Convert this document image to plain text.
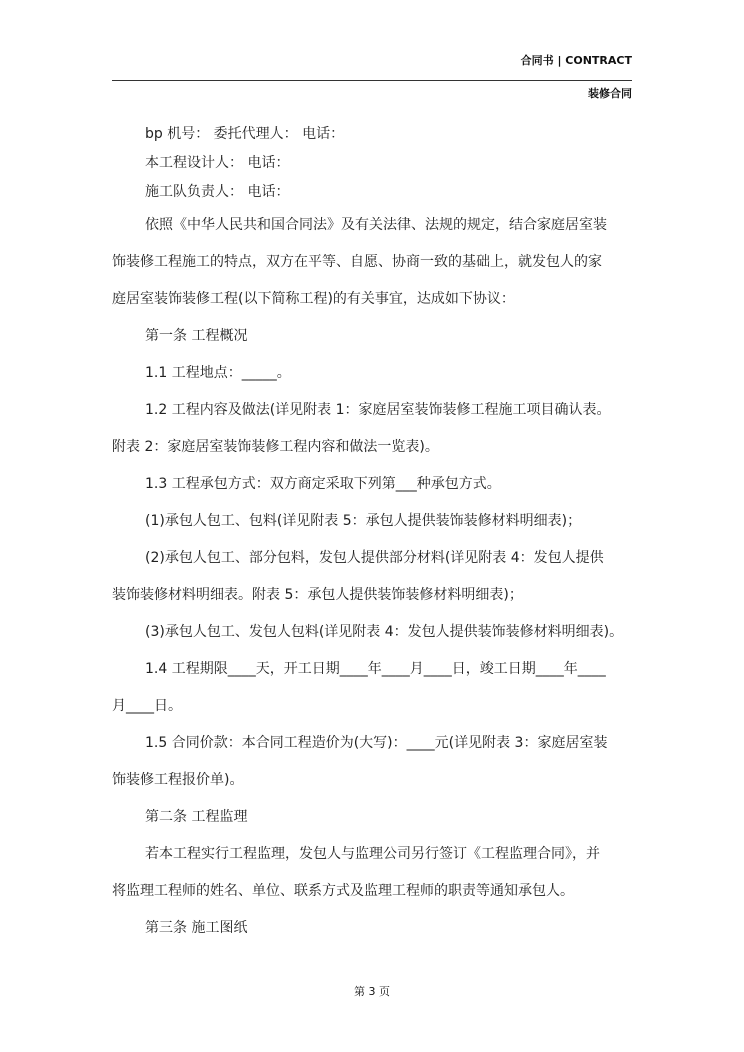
合同书 | CONTRACT
装修合同

bp 机号： 委托代理人： 电话：

本工程设计人： 电话：

施工队负责人： 电话：

依照《中华人民共和国合同法》及有关法律、法规的规定，结合家庭居室装

饰装修工程施工的特点，双方在平等、自愿、协商一致的基础上，就发包人的家

庭居室装饰装修工程(以下简称工程)的有关事宜，达成如下协议：

第一条 工程概况

1.1 工程地点：_____。

1.2 工程内容及做法(详见附表 1：家庭居室装饰装修工程施工项目确认表。

附表 2：家庭居室装饰装修工程内容和做法一览表)。

1.3 工程承包方式：双方商定采取下列第___种承包方式。

(1)承包人包工、包料(详见附表 5：承包人提供装饰装修材料明细表)；

(2)承包人包工、部分包料，发包人提供部分材料(详见附表 4：发包人提供

装饰装修材料明细表。附表 5：承包人提供装饰装修材料明细表)；

(3)承包人包工、发包人包料(详见附表 4：发包人提供装饰装修材料明细表)。

1.4 工程期限____天，开工日期____年____月____日，竣工日期____年____

月____日。

1.5 合同价款：本合同工程造价为(大写)：____元(详见附表 3：家庭居室装

饰装修工程报价单)。

第二条 工程监理

若本工程实行工程监理，发包人与监理公司另行签订《工程监理合同》，并

将监理工程师的姓名、单位、联系方式及监理工程师的职责等通知承包人。

第三条 施工图纸

第 3 页
